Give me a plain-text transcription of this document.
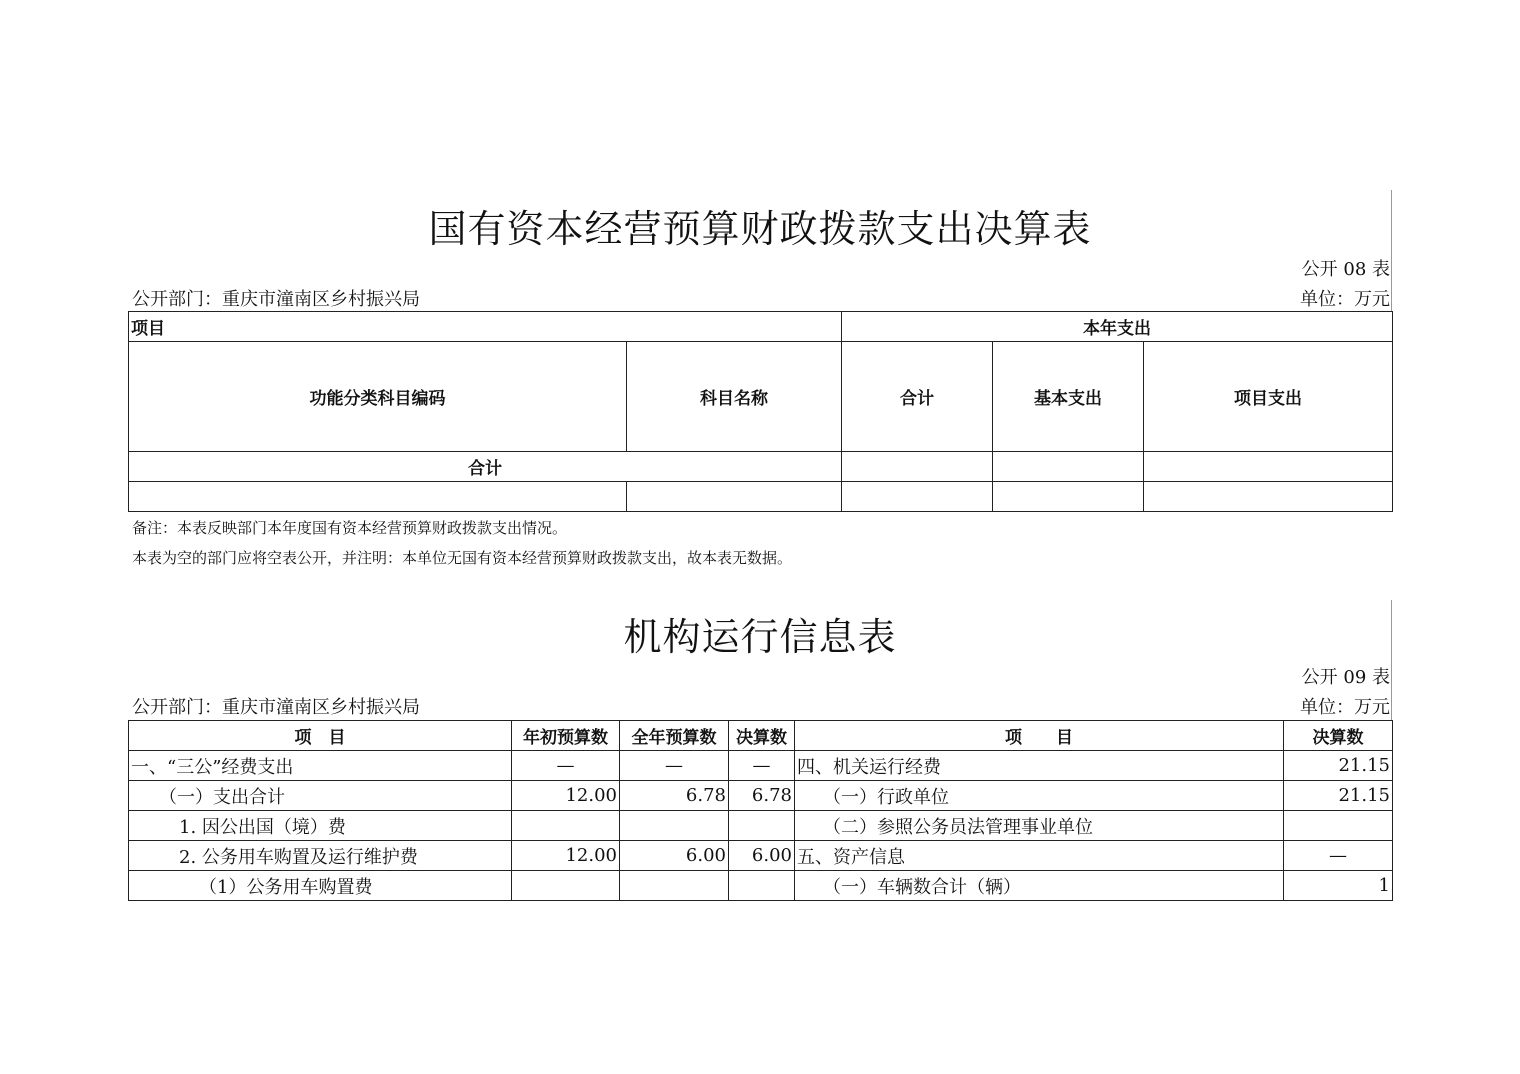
国有资本经营预算财政拨款支出决算表
公开 08 表
公开部门：重庆市潼南区乡村振兴局	单位：万元
项目		本年支出		
功能分类科目编码	科目名称	合计	基本支出	项目支出
合计				

备注：本表反映部门本年度国有资本经营预算财政拨款支出情况。
本表为空的部门应将空表公开，并注明：本单位无国有资本经营预算财政拨款支出，故本表无数据。
机构运行信息表
公开 09 表
公开部门：重庆市潼南区乡村振兴局	单位：万元
项　目	年初预算数	全年预算数	决算数	项　　目	决算数
一、“三公”经费支出	—	—	—	四、机关运行经费	21.15
（一）支出合计	12.00	6.78	6.78	（一）行政单位	21.15
1. 因公出国（境）费				（二）参照公务员法管理事业单位	
2. 公务用车购置及运行维护费	12.00	6.00	6.00	五、资产信息	—
（1）公务用车购置费				（一）车辆数合计（辆）	1
